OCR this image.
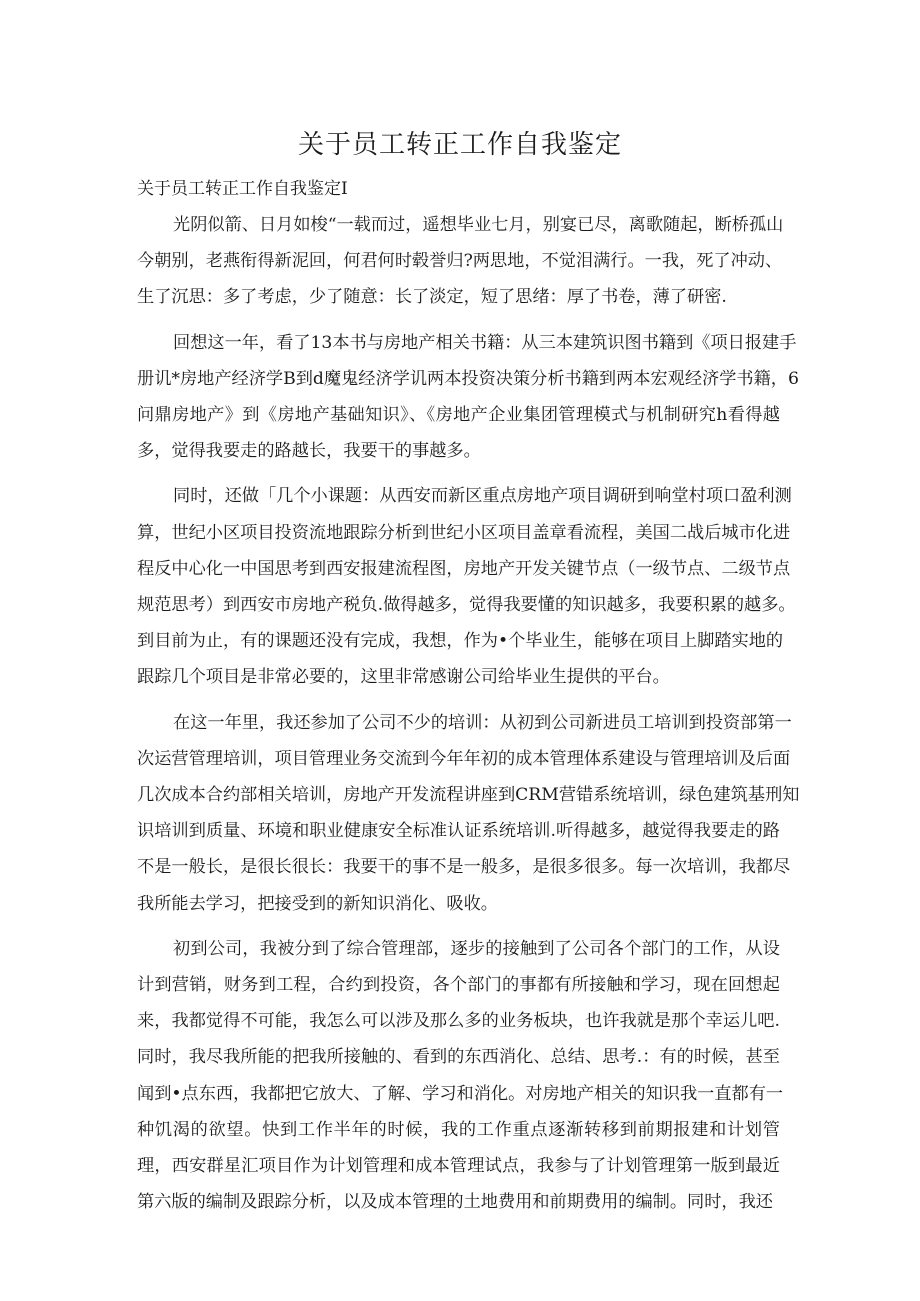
关于员工转正工作自我鉴定

关于员工转正工作自我鉴定I

光阴似箭、日月如梭“一载而过，遥想毕业七月，别宴已尽，离歌随起，断桥孤山
今朝别，老燕衔得新泥回，何君何时毂誉归?两思地，不觉泪满行。一我，死了冲动、
生了沉思：多了考虑，少了随意：长了淡定，短了思绪：厚了书卷，薄了研密.
回想这一年，看了13本书与房地产相关书籍：从三本建筑识图书籍到《项日报建手
册讥*房地产经济学B到d魔鬼经济学讥两本投资决策分析书籍到两本宏观经济学书籍，6
问鼎房地产》到《房地产基础知识》、《房地产企业集团管理模式与机制研究h看得越
多，觉得我要走的路越长，我要干的事越多。
同时，还做「几个小课题：从西安而新区重点房地产项目调研到响堂村项口盈利测
算，世纪小区项目投资流地跟踪分析到世纪小区项目盖章看流程，美国二战后城市化进
程反中心化一中国思考到西安报建流程图，房地产开发关键节点（一级节点、二级节点
规范思考）到西安市房地产税负.做得越多，觉得我要懂的知识越多，我要积累的越多。
到目前为止，有的课题还没有完成，我想，作为•个毕业生，能够在项目上脚踏实地的
跟踪几个项目是非常必要的，这里非常感谢公司给毕业生提供的平台。
在这一年里，我还参加了公司不少的培训：从初到公司新进员工培训到投资部第一
次运营管理培训，项目管理业务交流到今年年初的成本管理体系建设与管理培训及后面
几次成本合约部相关培训，房地产开发流程讲座到CRM营错系统培训，绿色建筑基刑知
识培训到质量、环境和职业健康安全标准认证系统培训.听得越多，越觉得我要走的路
不是一般长，是很长很长：我要干的事不是一般多，是很多很多。每一次培训，我都尽
我所能去学习，把接受到的新知识消化、吸收。
初到公司，我被分到了综合管理部，逐步的接触到了公司各个部门的工作，从设
计到营销，财务到工程，合约到投资，各个部门的事都有所接触和学习，现在回想起
来，我都觉得不可能，我怎么可以涉及那么多的业务板块，也许我就是那个幸运儿吧.
同时，我尽我所能的把我所接触的、看到的东西消化、总结、思考.：有的时候，甚至
闻到•点东西，我都把它放大、了解、学习和消化。对房地产相关的知识我一直都有一
种饥渴的欲望。快到工作半年的时候，我的工作重点逐渐转移到前期报建和计划管
理，西安群星汇项目作为计划管理和成本管理试点，我参与了计划管理第一版到最近
第六版的编制及跟踪分析，以及成本管理的土地费用和前期费用的编制。同时，我还
